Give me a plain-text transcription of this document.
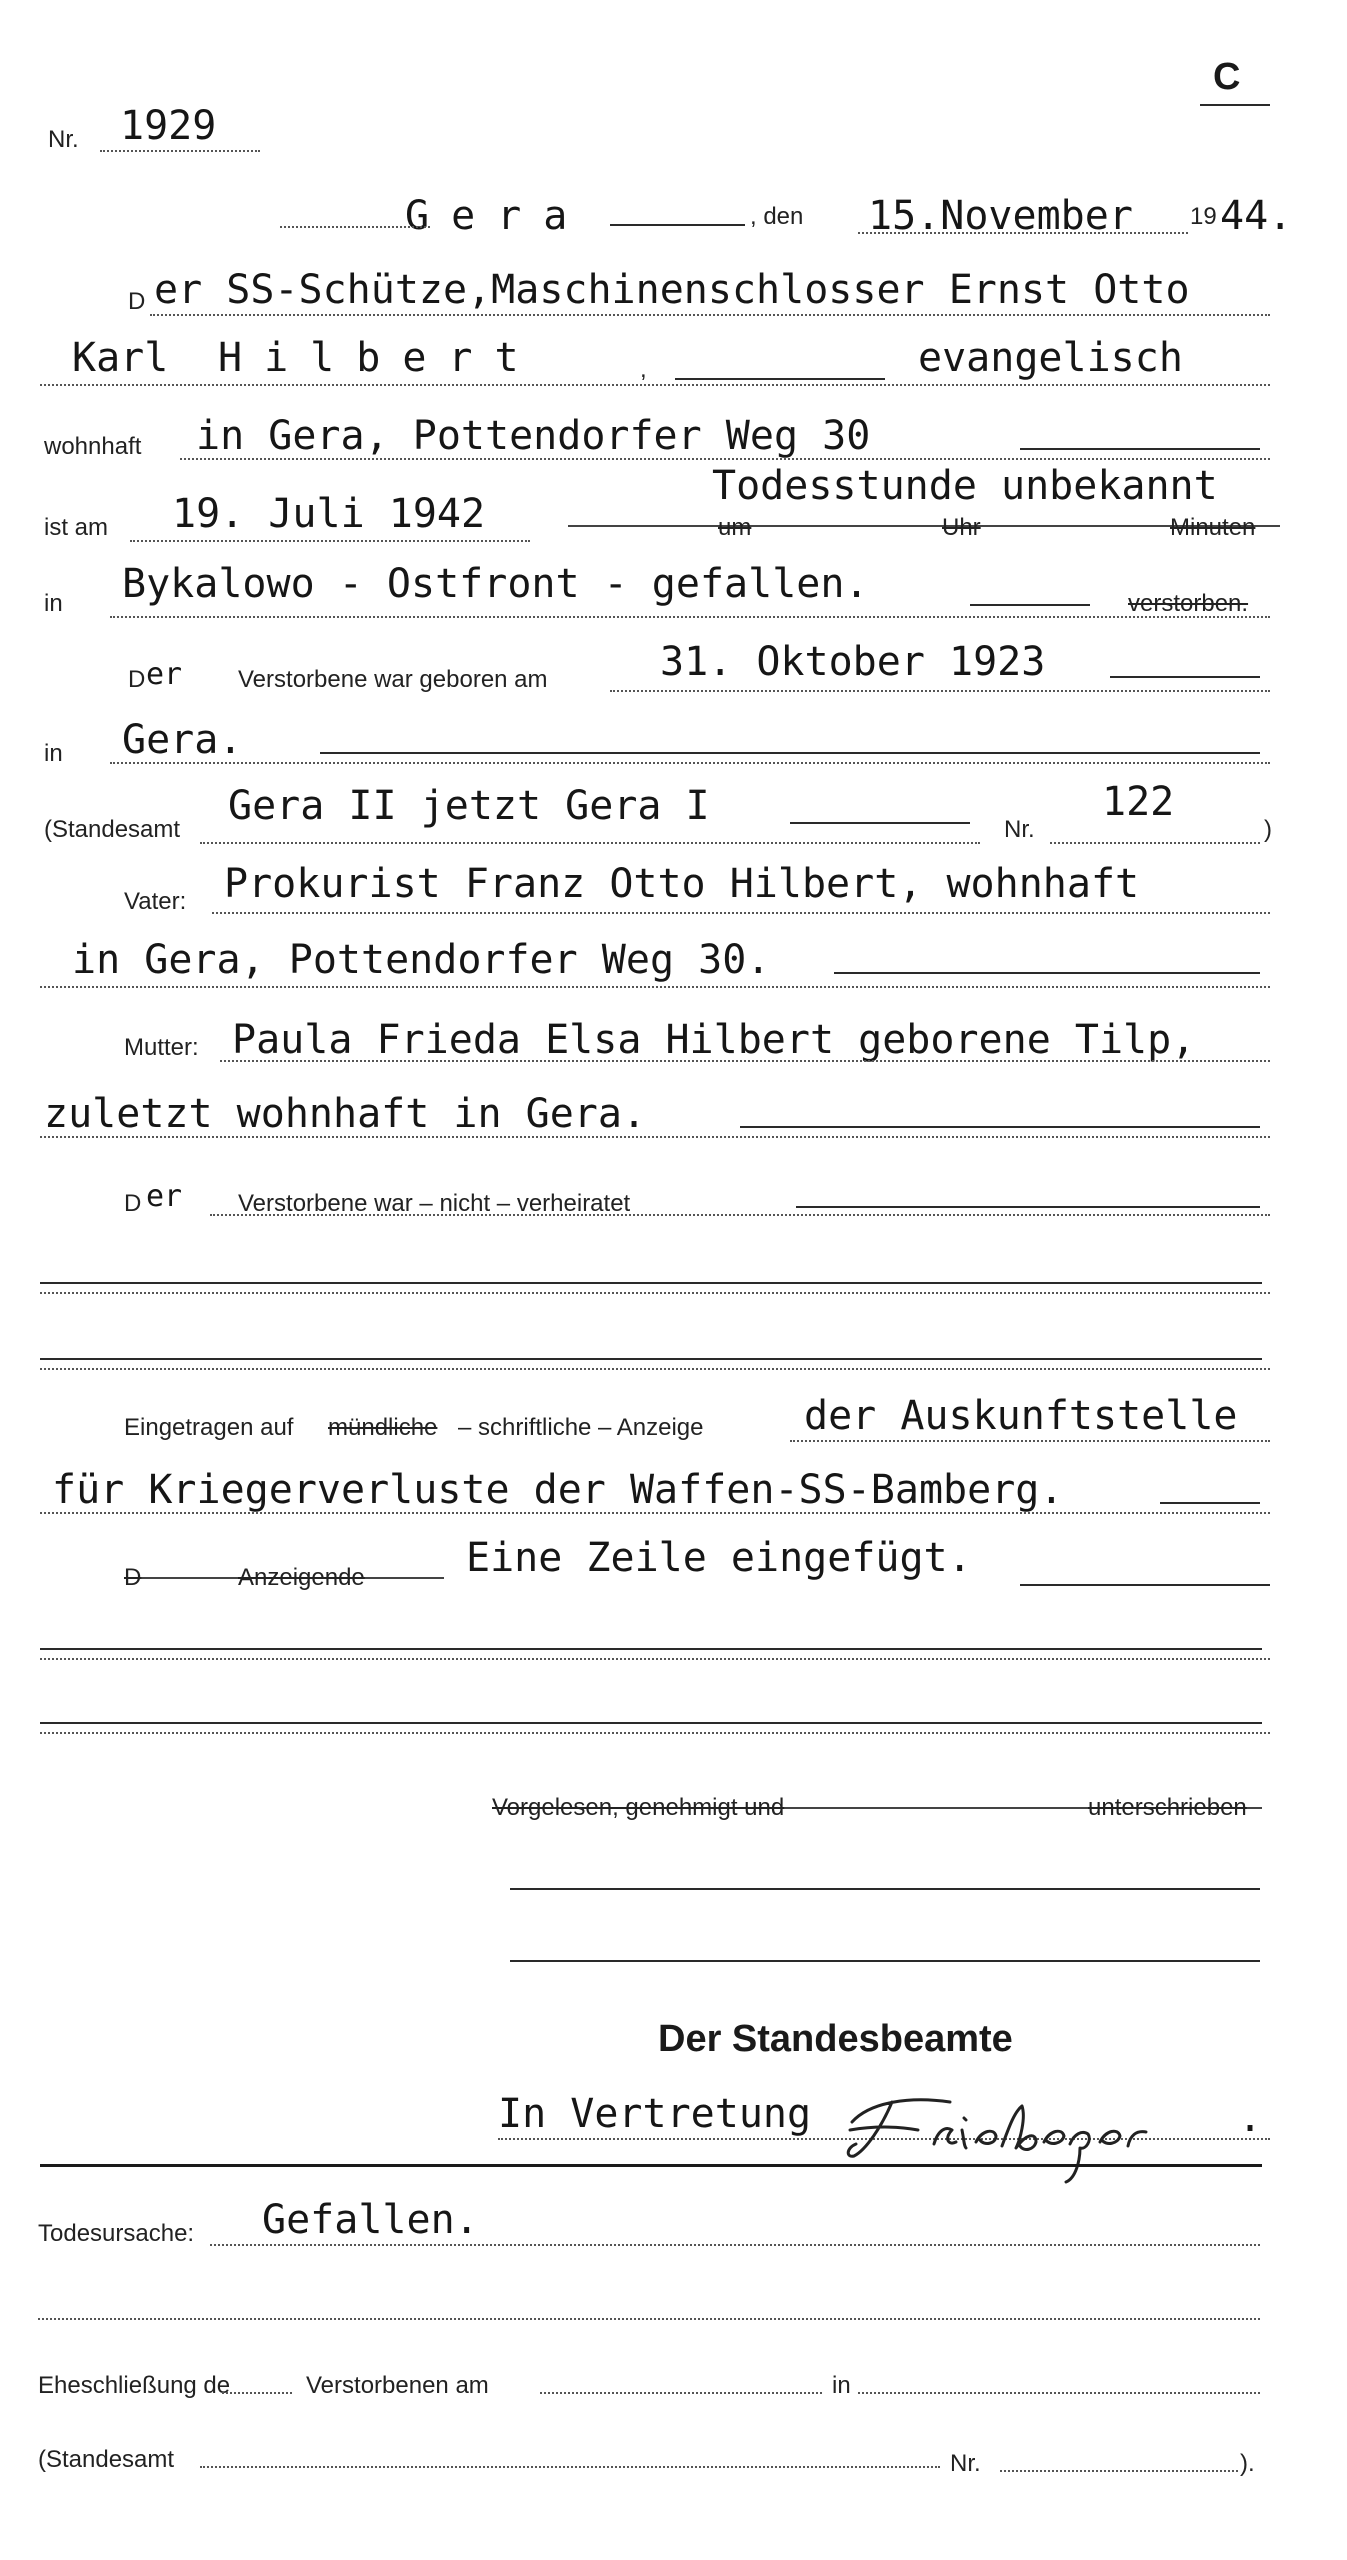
C
Nr. 1929
Gera	, den 15.November 19 44.
D er SS-Schütze,Maschinenschlosser Ernst Otto
Karl Hilbert	,	evangelisch
wohnhaft in Gera, Pottendorfer Weg 30
Todesstunde unbekannt
ist am 19. Juli 1942	um	Uhr	Minuten
in Bykalowo - Ostfront - gefallen.	verstorben.
D er Verstorbene war geboren am	31. Oktober 1923
in Gera.
(Standesamt
Gera II jetzt Gera I
Nr.
122
)
Vater: Prokurist Franz Otto Hilbert, wohnhaft
in Gera, Pottendorfer Weg 30.
Mutter: Paula Frieda Elsa Hilbert geborene Tilp,
zuletzt wohnhaft in Gera.
D er Verstorbene war – nicht – verheiratet
Eingetragen auf mündliche – schriftliche – Anzeige	der Auskunftstelle
für Kriegerverluste der Waffen-SS-Bamberg.
D	Anzeigende	Eine Zeile eingefügt.
Vorgelesen, genehmigt und	unterschrieben
Der Standesbeamte
In Vertretung	.
Todesursache: Gefallen.
Eheschließung de	Verstorbenen am	in
(Standesamt	Nr.	).
